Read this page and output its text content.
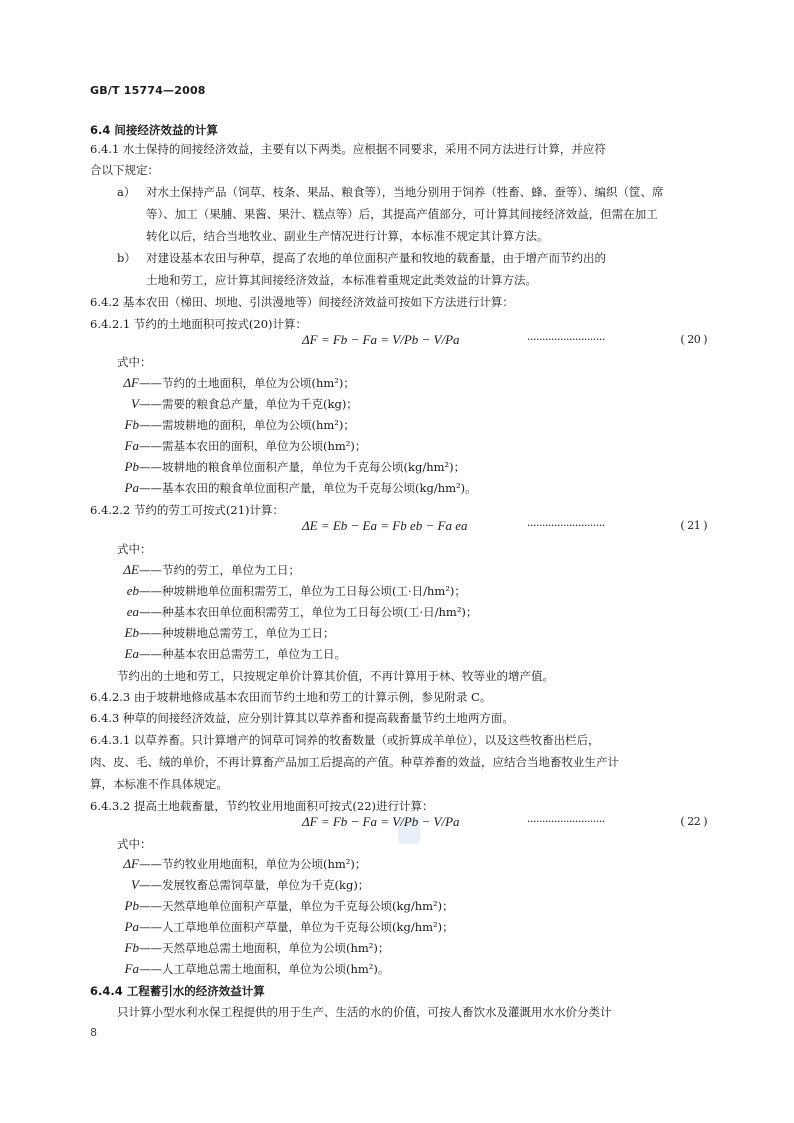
GB/T 15774—2008
6.4 间接经济效益的计算
6.4.1 水土保持的间接经济效益，主要有以下两类。应根据不同要求，采用不同方法进行计算，并应符
合以下规定：
a） 对水土保持产品（饲草、枝条、果品、粮食等），当地分别用于饲养（牲畜、蜂、蚕等）、编织（筐、席
等）、加工（果脯、果酱、果汁、糕点等）后，其提高产值部分，可计算其间接经济效益，但需在加工
转化以后，结合当地牧业、副业生产情况进行计算，本标准不规定其计算方法。
b） 对建设基本农田与种草，提高了农地的单位面积产量和牧地的载畜量，由于增产而节约出的
土地和劳工，应计算其间接经济效益，本标准着重规定此类效益的计算方法。
6.4.2 基本农田（梯田、坝地、引洪漫地等）间接经济效益可按如下方法进行计算：
6.4.2.1 节约的土地面积可按式(20)计算：
ΔF = Fb − Fa = V/Pb − V/Pa	··························	( 20 )
式中：
ΔF——节约的土地面积，单位为公顷(hm²)；
V——需要的粮食总产量，单位为千克(kg)；
Fb——需坡耕地的面积，单位为公顷(hm²)；
Fa——需基本农田的面积，单位为公顷(hm²)；
Pb——坡耕地的粮食单位面积产量，单位为千克每公顷(kg/hm²)；
Pa——基本农田的粮食单位面积产量，单位为千克每公顷(kg/hm²)。
6.4.2.2 节约的劳工可按式(21)计算：
ΔE = Eb − Ea = Fb eb − Fa ea	··························	( 21 )
式中：
ΔE——节约的劳工，单位为工日；
eb——种坡耕地单位面积需劳工，单位为工日每公顷(工·日/hm²)；
ea——种基本农田单位面积需劳工，单位为工日每公顷(工·日/hm²)；
Eb——种坡耕地总需劳工，单位为工日；
Ea——种基本农田总需劳工，单位为工日。
节约出的土地和劳工，只按规定单价计算其价值，不再计算用于林、牧等业的增产值。
6.4.2.3 由于坡耕地修成基本农田而节约土地和劳工的计算示例，参见附录 C。
6.4.3 种草的间接经济效益，应分别计算其以草养畜和提高载畜量节约土地两方面。
6.4.3.1 以草养畜。只计算增产的饲草可饲养的牧畜数量（或折算成羊单位），以及这些牧畜出栏后，
肉、皮、毛、绒的单价，不再计算畜产品加工后提高的产值。种草养畜的效益，应结合当地畜牧业生产计
算，本标准不作具体规定。
6.4.3.2 提高土地载畜量，节约牧业用地面积可按式(22)进行计算：
ΔF = Fb − Fa = V/Pb − V/Pa	··························	( 22 )
式中：
ΔF——节约牧业用地面积，单位为公顷(hm²)；
V——发展牧畜总需饲草量，单位为千克(kg)；
Pb——天然草地单位面积产草量，单位为千克每公顷(kg/hm²)；
Pa——人工草地单位面积产草量，单位为千克每公顷(kg/hm²)；
Fb——天然草地总需土地面积，单位为公顷(hm²)；
Fa——人工草地总需土地面积，单位为公顷(hm²)。
6.4.4 工程蓄引水的经济效益计算
只计算小型水利水保工程提供的用于生产、生活的水的价值，可按人畜饮水及灌溉用水水价分类计
8
